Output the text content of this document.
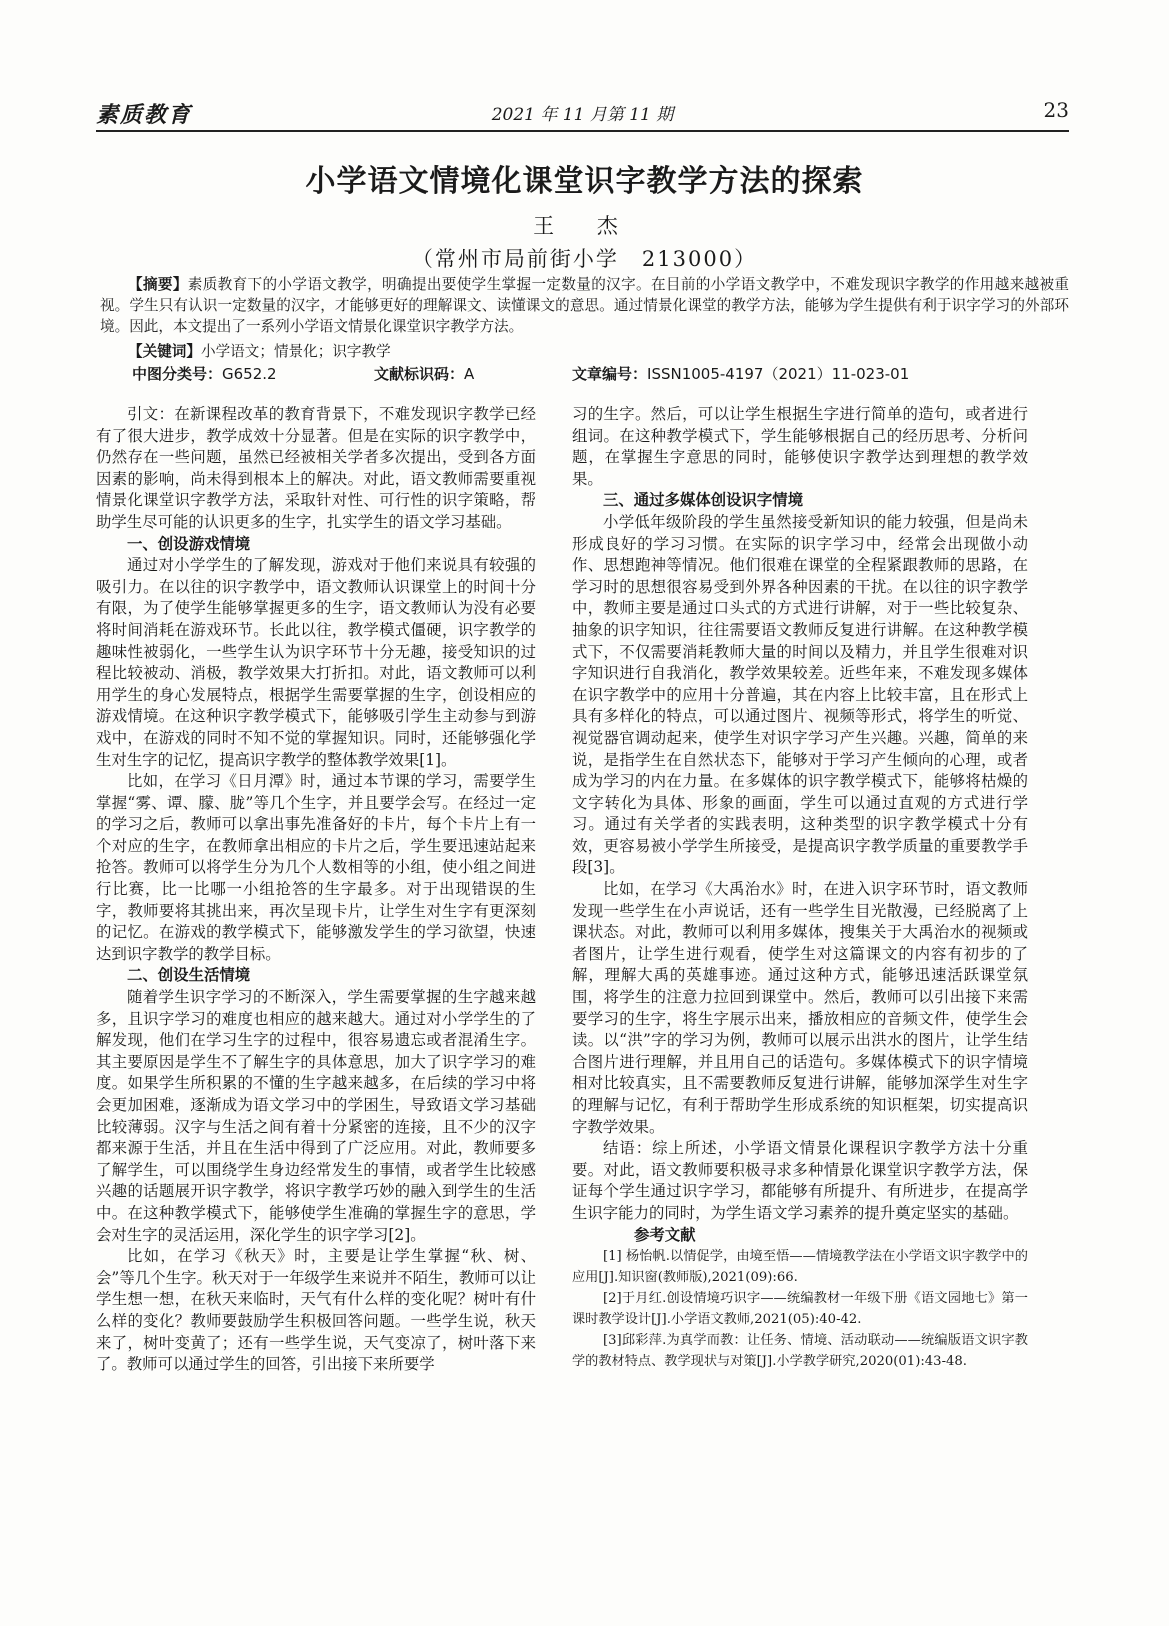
素质教育	2021 年 11 月第 11 期	23
小学语文情境化课堂识字教学方法的探索
王 杰
（常州市局前街小学　213000）
【摘要】素质教育下的小学语文教学，明确提出要使学生掌握一定数量的汉字。在目前的小学语文教学中，不难发现识字教学的作用越来越被重视。学生只有认识一定数量的汉字，才能够更好的理解课文、读懂课文的意思。通过情景化课堂的教学方法，能够为学生提供有利于识字学习的外部环境。因此，本文提出了一系列小学语文情景化课堂识字教学方法。
【关键词】小学语文；情景化；识字教学
中图分类号：G652.2	文献标识码：A	文章编号：ISSN1005-4197（2021）11-023-01

引文：在新课程改革的教育背景下，不难发现识字教学已经有了很大进步，教学成效十分显著。但是在实际的识字教学中，仍然存在一些问题，虽然已经被相关学者多次提出，受到各方面因素的影响，尚未得到根本上的解决。对此，语文教师需要重视情景化课堂识字教学方法，采取针对性、可行性的识字策略，帮助学生尽可能的认识更多的生字，扎实学生的语文学习基础。

一、创设游戏情境

通过对小学学生的了解发现，游戏对于他们来说具有较强的吸引力。在以往的识字教学中，语文教师认识课堂上的时间十分有限，为了使学生能够掌握更多的生字，语文教师认为没有必要将时间消耗在游戏环节。长此以往，教学模式僵硬，识字教学的趣味性被弱化，一些学生认为识字环节十分无趣，接受知识的过程比较被动、消极，教学效果大打折扣。对此，语文教师可以利用学生的身心发展特点，根据学生需要掌握的生字，创设相应的游戏情境。在这种识字教学模式下，能够吸引学生主动参与到游戏中，在游戏的同时不知不觉的掌握知识。同时，还能够强化学生对生字的记忆，提高识字教学的整体教学效果[1]。

比如，在学习《日月潭》时，通过本节课的学习，需要学生掌握“雾、谭、朦、胧”等几个生字，并且要学会写。在经过一定的学习之后，教师可以拿出事先准备好的卡片，每个卡片上有一个对应的生字，在教师拿出相应的卡片之后，学生要迅速站起来抢答。教师可以将学生分为几个人数相等的小组，使小组之间进行比赛，比一比哪一小组抢答的生字最多。对于出现错误的生字，教师要将其挑出来，再次呈现卡片，让学生对生字有更深刻的记忆。在游戏的教学模式下，能够激发学生的学习欲望，快速达到识字教学的教学目标。

二、创设生活情境

随着学生识字学习的不断深入，学生需要掌握的生字越来越多，且识字学习的难度也相应的越来越大。通过对小学学生的了解发现，他们在学习生字的过程中，很容易遗忘或者混淆生字。其主要原因是学生不了解生字的具体意思，加大了识字学习的难度。如果学生所积累的不懂的生字越来越多，在后续的学习中将会更加困难，逐渐成为语文学习中的学困生，导致语文学习基础比较薄弱。汉字与生活之间有着十分紧密的连接，且不少的汉字都来源于生活，并且在生活中得到了广泛应用。对此，教师要多了解学生，可以围绕学生身边经常发生的事情，或者学生比较感兴趣的话题展开识字教学，将识字教学巧妙的融入到学生的生活中。在这种教学模式下，能够使学生准确的掌握生字的意思，学会对生字的灵活运用，深化学生的识字学习[2]。

比如，在学习《秋天》时，主要是让学生掌握“秋、树、会”等几个生字。秋天对于一年级学生来说并不陌生，教师可以让学生想一想，在秋天来临时，天气有什么样的变化呢？树叶有什么样的变化？教师要鼓励学生积极回答问题。一些学生说，秋天来了，树叶变黄了；还有一些学生说，天气变凉了，树叶落下来了。教师可以通过学生的回答，引出接下来所要学

习的生字。然后，可以让学生根据生字进行简单的造句，或者进行组词。在这种教学模式下，学生能够根据自己的经历思考、分析问题，在掌握生字意思的同时，能够使识字教学达到理想的教学效果。

三、通过多媒体创设识字情境

小学低年级阶段的学生虽然接受新知识的能力较强，但是尚未形成良好的学习习惯。在实际的识字学习中，经常会出现做小动作、思想跑神等情况。他们很难在课堂的全程紧跟教师的思路，在学习时的思想很容易受到外界各种因素的干扰。在以往的识字教学中，教师主要是通过口头式的方式进行讲解，对于一些比较复杂、抽象的识字知识，往往需要语文教师反复进行讲解。在这种教学模式下，不仅需要消耗教师大量的时间以及精力，并且学生很难对识字知识进行自我消化，教学效果较差。近些年来，不难发现多媒体在识字教学中的应用十分普遍，其在内容上比较丰富，且在形式上具有多样化的特点，可以通过图片、视频等形式，将学生的听觉、视觉器官调动起来，使学生对识字学习产生兴趣。兴趣，简单的来说，是指学生在自然状态下，能够对于学习产生倾向的心理，或者成为学习的内在力量。在多媒体的识字教学模式下，能够将枯燥的文字转化为具体、形象的画面，学生可以通过直观的方式进行学习。通过有关学者的实践表明，这种类型的识字教学模式十分有效，更容易被小学学生所接受，是提高识字教学质量的重要教学手段[3]。

比如，在学习《大禹治水》时，在进入识字环节时，语文教师发现一些学生在小声说话，还有一些学生目光散漫，已经脱离了上课状态。对此，教师可以利用多媒体，搜集关于大禹治水的视频或者图片，让学生进行观看，使学生对这篇课文的内容有初步的了解，理解大禹的英雄事迹。通过这种方式，能够迅速活跃课堂氛围，将学生的注意力拉回到课堂中。然后，教师可以引出接下来需要学习的生字，将生字展示出来，播放相应的音频文件，使学生会读。以“洪”字的学习为例，教师可以展示出洪水的图片，让学生结合图片进行理解，并且用自己的话造句。多媒体模式下的识字情境相对比较真实，且不需要教师反复进行讲解，能够加深学生对生字的理解与记忆，有利于帮助学生形成系统的知识框架，切实提高识字教学效果。

结语：综上所述，小学语文情景化课程识字教学方法十分重要。对此，语文教师要积极寻求多种情景化课堂识字教学方法，保证每个学生通过识字学习，都能够有所提升、有所进步，在提高学生识字能力的同时，为学生语文学习素养的提升奠定坚实的基础。

参考文献

[1] 杨怡帆.以情促学，由境至悟——情境教学法在小学语文识字教学中的应用[J].知识窗(教师版),2021(09):66.

[2]于月红.创设情境巧识字——统编教材一年级下册《语文园地七》第一课时教学设计[J].小学语文教师,2021(05):40-42.

[3]邱彩萍.为真学而教：让任务、情境、活动联动——统编版语文识字教学的教材特点、教学现状与对策[J].小学教学研究,2020(01):43-48.
